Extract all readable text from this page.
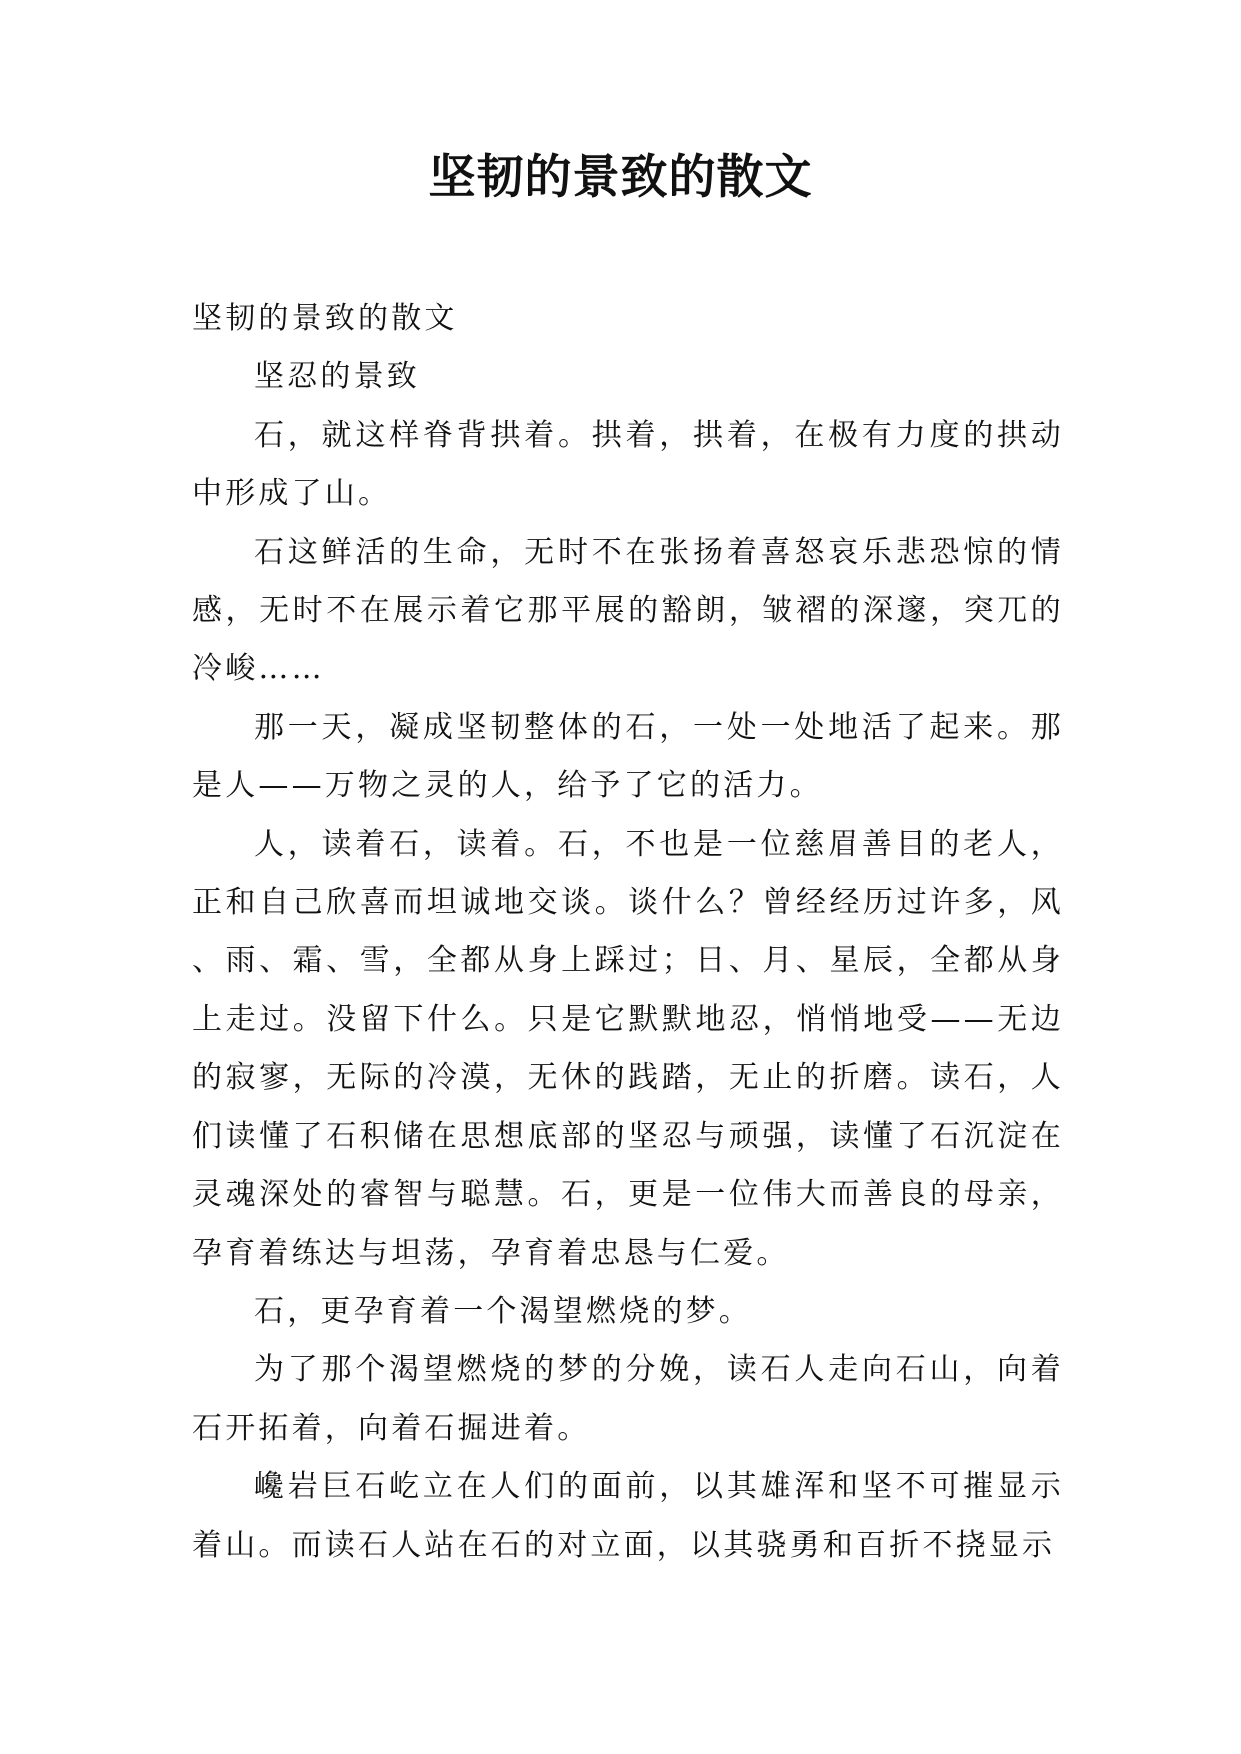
坚韧的景致的散文

坚韧的景致的散文

坚忍的景致

石，就这样脊背拱着。拱着，拱着，在极有力度的拱动中形成了山。

石这鲜活的生命，无时不在张扬着喜怒哀乐悲恐惊的情感，无时不在展示着它那平展的豁朗，皱褶的深邃，突兀的冷峻……

那一天，凝成坚韧整体的石，一处一处地活了起来。那是人——万物之灵的人，给予了它的活力。

人，读着石，读着。石，不也是一位慈眉善目的老人，正和自己欣喜而坦诚地交谈。谈什么？曾经经历过许多，风、雨、霜、雪，全都从身上踩过；日、月、星辰，全都从身上走过。没留下什么。只是它默默地忍，悄悄地受——无边的寂寥，无际的冷漠，无休的践踏，无止的折磨。读石，人们读懂了石积储在思想底部的坚忍与顽强，读懂了石沉淀在灵魂深处的睿智与聪慧。石，更是一位伟大而善良的母亲，孕育着练达与坦荡，孕育着忠恳与仁爱。

石，更孕育着一个渴望燃烧的梦。

为了那个渴望燃烧的梦的分娩，读石人走向石山，向着石开拓着，向着石掘进着。

巉岩巨石屹立在人们的面前，以其雄浑和坚不可摧显示着山。而读石人站在石的对立面，以其骁勇和百折不挠显示
